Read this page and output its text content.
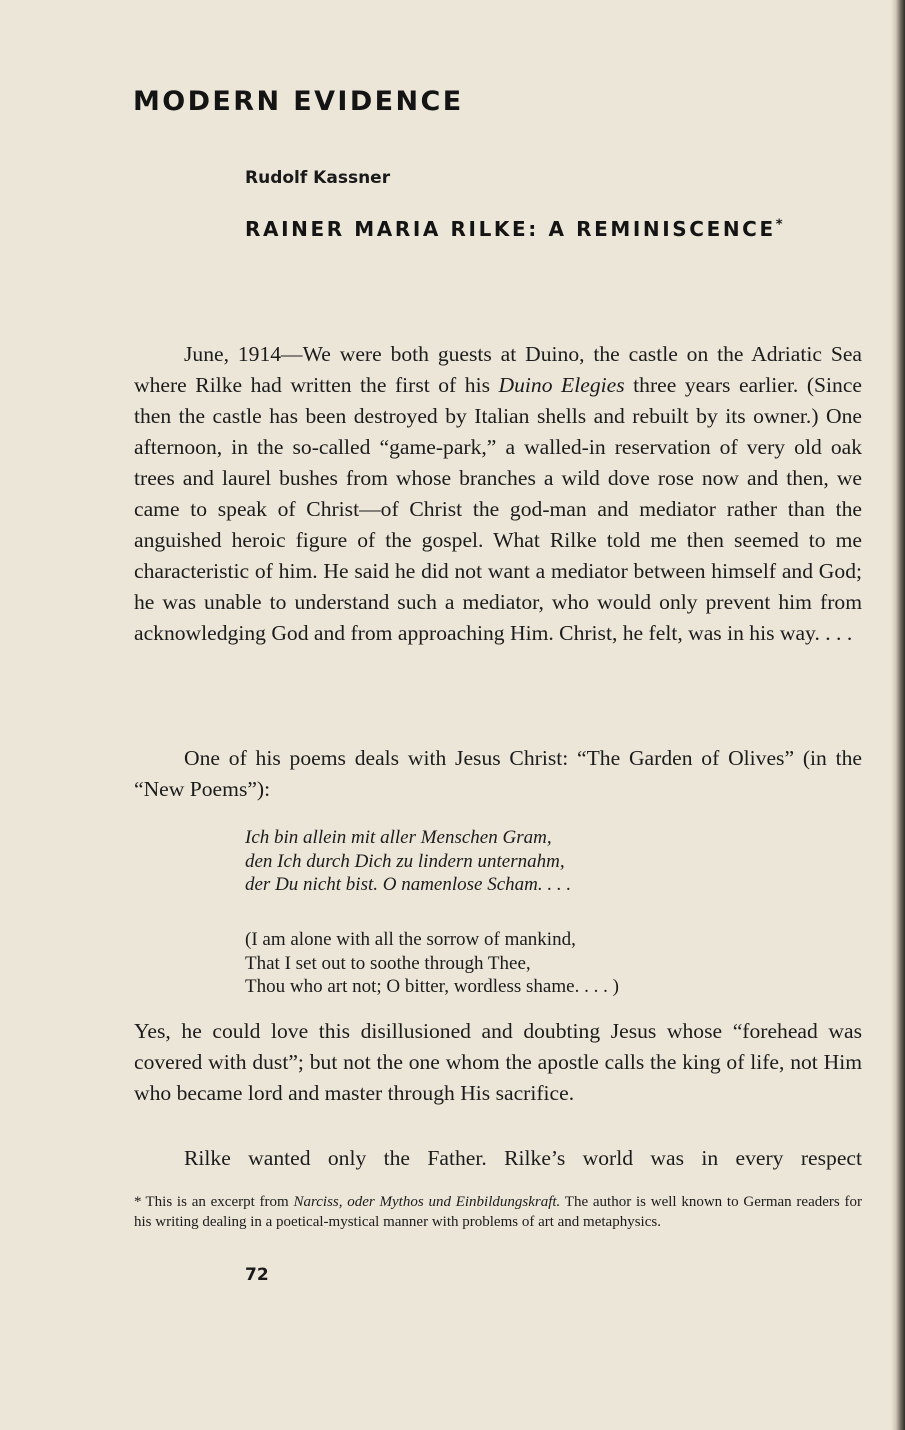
MODERN EVIDENCE
Rudolf Kassner
RAINER MARIA RILKE: A REMINISCENCE*

June, 1914—We were both guests at Duino, the castle on the Adriatic Sea where Rilke had written the first of his Duino Elegies three years earlier. (Since then the castle has been destroyed by Italian shells and rebuilt by its owner.) One afternoon, in the so-called “game-park,” a walled-in reservation of very old oak trees and laurel bushes from whose branches a wild dove rose now and then, we came to speak of Christ—of Christ the god-man and mediator rather than the anguished heroic figure of the gospel. What Rilke told me then seemed to me characteristic of him. He said he did not want a mediator between himself and God; he was unable to understand such a mediator, who would only prevent him from acknowledging God and from approaching Him. Christ, he felt, was in his way. . . .

One of his poems deals with Jesus Christ: “The Garden of Olives” (in the “New Poems”):

Ich bin allein mit aller Menschen Gram,
den Ich durch Dich zu lindern unternahm,
der Du nicht bist. O namenlose Scham. . . .
(I am alone with all the sorrow of mankind,
That I set out to soothe through Thee,
Thou who art not; O bitter, wordless shame. . . . )

Yes, he could love this disillusioned and doubting Jesus whose “forehead was covered with dust”; but not the one whom the apostle calls the king of life, not Him who became lord and master through His sacrifice.

Rilke wanted only the Father. Rilke’s world was in every respect

* This is an excerpt from Narciss, oder Mythos und Einbildungskraft. The author is well known to German readers for his writing dealing in a poetical-mystical manner with problems of art and metaphysics.

72
